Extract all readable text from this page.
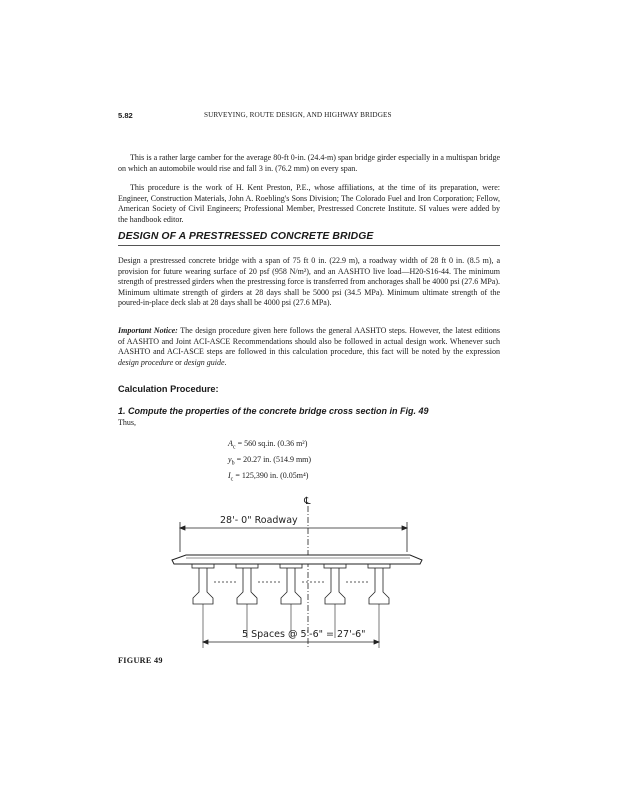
5.82	SURVEYING, ROUTE DESIGN, AND HIGHWAY BRIDGES

This is a rather large camber for the average 80-ft 0-in. (24.4-m) span bridge girder especially in a multispan bridge on which an automobile would rise and fall 3 in. (76.2 mm) on every span.

This procedure is the work of H. Kent Preston, P.E., whose affiliations, at the time of its preparation, were: Engineer, Construction Materials, John A. Roebling's Sons Division; The Colorado Fuel and Iron Corporation; Fellow, American Society of Civil Engineers; Professional Member, Prestressed Concrete Institute. SI values were added by the handbook editor.

DESIGN OF A PRESTRESSED CONCRETE BRIDGE

Design a prestressed concrete bridge with a span of 75 ft 0 in. (22.9 m), a roadway width of 28 ft 0 in. (8.5 m), a provision for future wearing surface of 20 psf (958 N/m²), and an AASHTO live load—H20-S16-44. The minimum strength of prestressed girders when the prestressing force is transferred from anchorages shall be 4000 psi (27.6 MPa). Minimum ultimate strength of girders at 28 days shall be 5000 psi (34.5 MPa). Minimum ultimate strength of the poured-in-place deck slab at 28 days shall be 4000 psi (27.6 MPa).

Important Notice: The design procedure given here follows the general AASHTO steps. However, the latest editions of AASHTO and Joint ACI-ASCE Recommendations should also be followed in actual design work. Whenever such AASHTO and ACI-ASCE steps are followed in this calculation procedure, this fact will be noted by the expression design procedure or design guide.

Calculation Procedure:
1. Compute the properties of the concrete bridge cross section in Fig. 49
Thus,
$A_c = 560$ sq.in. (0.36 m²)
$y_b = 20.27$ in. (514.9 mm)
$I_c = 125,390$ in. (0.05m⁴)
℄
28'- 0" Roadway
5 Spaces @ 5'-6" = 27'-6"
FIGURE 49
